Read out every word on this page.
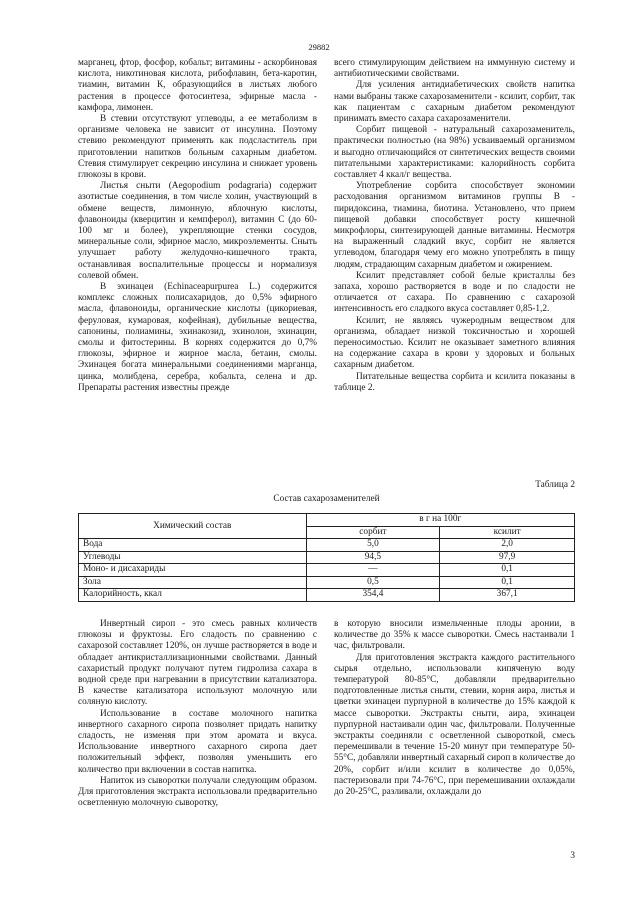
29882

марганец, фтор, фосфор, кобальт; витамины - аскорбиновая кислота, никотиновая кислота, рибофлавин, бета-каротин, тиамин, витамин К, образующийся в листьях любого растения в процессе фотосинтеза, эфирные масла - камфора, лимонен.

В стевии отсутствуют углеводы, а ее метаболизм в организме человека не зависит от инсулина. Поэтому стевию рекомендуют применять как подсластитель при приготовлении напитков больным сахарным диабетом. Стевия стимулирует секрецию инсулина и снижает уровень глюкозы в крови.

Листья сныти (Aegopodium podagraria) содержит азотистые соединения, в том числе холин, участвующий в обмене веществ, лимонную, яблочную кислоты, флавоноиды (кверцитин и кемпферол), витамин С (до 60-100 мг и более), укрепляющие стенки сосудов, минеральные соли, эфирное масло, микроэлементы. Сныть улучшает работу желудочно-кишечного тракта, останавливая воспалительные процессы и нормализуя солевой обмен.

В эхинацеи (Echinaceapurpurea L.) содержится комплекс сложных полисахаридов, до 0,5% эфирного масла, флавоноиды, органические кислоты (цикориевая, феруловая, кумаровая, кофейная), дубильные вещества, сапонины, полиамины, эхинакозид, эхинолон, эхинацин, смолы и фитостерины. В корнях содержится до 0,7% глюкозы, эфирное и жирное масла, бетаин, смолы. Эхинацея богата минеральными соединениями марганца, цинка, молибдена, серебра, кобальта, селена и др. Препараты растения известны прежде

всего стимулирующим действием на иммунную систему и антибиотическими свойствами.

Для усиления антидиабетических свойств напитка нами выбраны также сахарозаменители - ксилит, сорбит, так как пациентам с сахарным диабетом рекомендуют принимать вместо сахара сахарозаменители.

Сорбит пищевой - натуральный сахарозаменитель, практически полностью (на 98%) усваиваемый организмом и выгодно отличающийся от синтетических веществ своими питательными характеристиками: калорийность сорбита составляет 4 ккал/г вещества.

Употребление сорбита способствует экономии расходования организмом витаминов группы В - пиридоксина, тиамина, биотина. Установлено, что прием пищевой добавки способствует росту кишечной микрофлоры, синтезирующей данные витамины. Несмотря на выраженный сладкий вкус, сорбит не является углеводом, благодаря чему его можно употреблять в пищу людям, страдающим сахарным диабетом и ожирением.

Ксилит представляет собой белые кристаллы без запаха, хорошо растворяется в воде и по сладости не отличается от сахара. По сравнению с сахарозой интенсивность его сладкого вкуса составляет 0,85-1,2.

Ксилит, не являясь чужеродным веществом для организма, обладает низкой токсичностью и хорошей переносимостью. Ксилит не оказывает заметного влияния на содержание сахара в крови у здоровых и больных сахарным диабетом.

Питательные вещества сорбита и ксилита показаны в таблице 2.

Таблица 2
Состав сахарозаменителей
Химический состав	в г на 100г	
	сорбит	ксилит
Вода	5,0	2,0
Углеводы	94,5	97,9
Моно- и дисахариды	—	0,1
Зола	0,5	0,1
Калорийность, ккал	354,4	367,1

Инвертный сироп - это смесь равных количеств глюкозы и фруктозы. Его сладость по сравнению с сахарозой составляет 120%, он лучше растворяется в воде и обладает антикристаллизационными свойствами. Данный сахаристый продукт получают путем гидролиза сахара в водной среде при нагревании в присутствии катализатора. В качестве катализатора используют молочную или соляную кислоту.

Использование в составе молочного напитка инвертного сахарного сиропа позволяет придать напитку сладость, не изменяя при этом аромата и вкуса. Использование инвертного сахарного сиропа дает положительный эффект, позволяя уменьшить его количество при включении в состав напитка.

Напиток из сыворотки получали следующим образом. Для приготовления экстракта использовали предварительно осветленную молочную сыворотку,

в которую вносили измельченные плоды аронии, в количестве до 35% к массе сыворотки. Смесь настаивали 1 час, фильтровали.

Для приготовления экстракта каждого растительного сырья отдельно, использовали кипяченую воду температурой 80-85°С, добавляли предварительно подготовленные листья сныти, стевии, корня аира, листья и цветки эхинацеи пурпурной в количестве до 15% каждой к массе сыворотки. Экстракты сныти, аира, эхинацеи пурпурной настаивали один час, фильтровали. Полученные экстракты соединяли с осветленной сывороткой, смесь перемешивали в течение 15-20 минут при температуре 50-55°С, добавляли инвертный сахарный сироп в количестве до 20%, сорбит и/или ксилит в количестве до 0,05%, пастеризовали при 74-76°С, при перемешивании охлаждали до 20-25°С, разливали, охлаждали до

3
